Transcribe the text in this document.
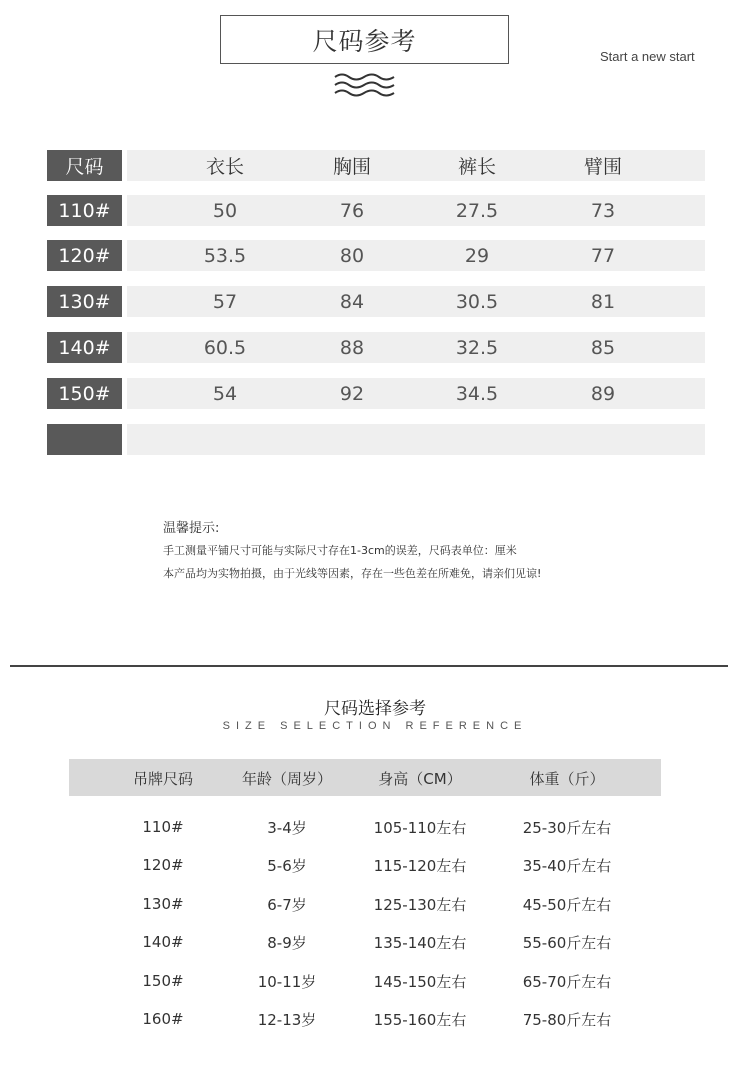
尺码参考
Start a new start
尺码	衣长	胸围	裤长	臂围
110#	50	76	27.5	73
120#	53.5	80	29	77
130#	57	84	30.5	81
140#	60.5	88	32.5	85
150#	54	92	34.5	89
温馨提示:
手工测量平铺尺寸可能与实际尺寸存在1-3cm的误差，尺码表单位：厘米
本产品均为实物拍摄，由于光线等因素，存在一些色差在所难免，请亲们见谅!
尺码选择参考
SIZE SELECTION REFERENCE
吊牌尺码	年龄（周岁）	身高（CM）	体重（斤）
110#	3-4岁	105-110左右	25-30斤左右
120#	5-6岁	115-120左右	35-40斤左右
130#	6-7岁	125-130左右	45-50斤左右
140#	8-9岁	135-140左右	55-60斤左右
150#	10-11岁	145-150左右	65-70斤左右
160#	12-13岁	155-160左右	75-80斤左右
